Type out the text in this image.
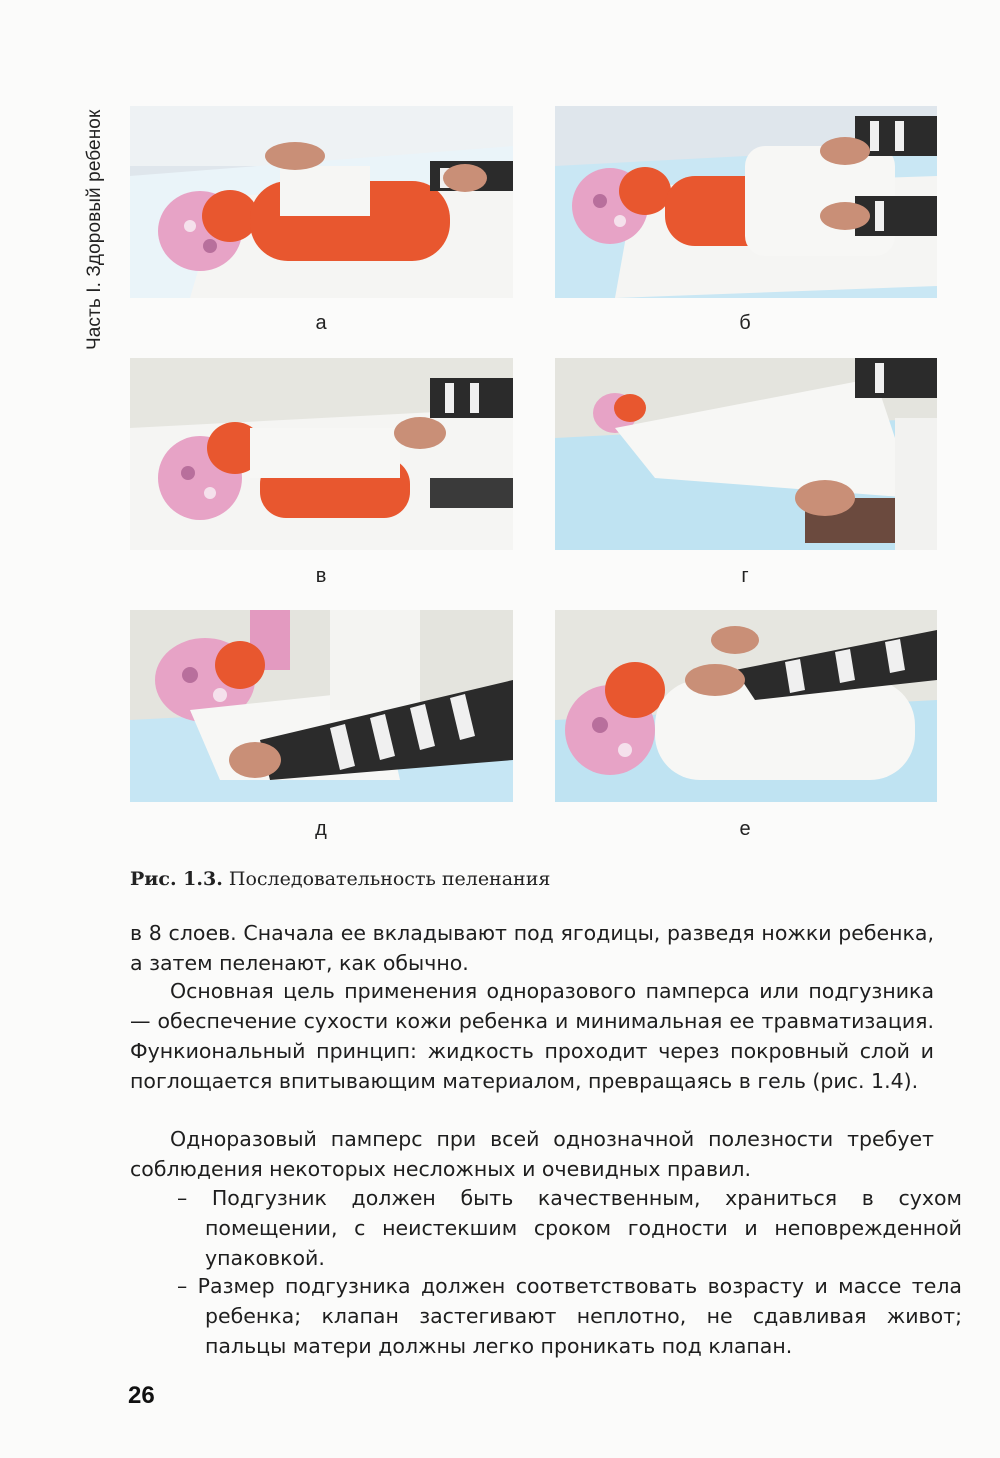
Часть I. Здоровый ребенок	а	б
в	г
д	е
Рис. 1.3. Последовательность пеленания

в 8 слоев. Сначала ее вкладывают под ягодицы, разведя ножки ребенка, а затем пеленают, как обычно.

Основная цель применения одноразового памперса или подгузника — обеспечение сухости кожи ребенка и минимальная ее травматизация. Функиональный принцип: жидкость проходит через покровный слой и поглощается впитывающим материалом, превращаясь в гель (рис. 1.4).

Одноразовый памперс при всей однозначной полезности требует соблюдения некоторых несложных и очевидных правил.

– Подгузник должен быть качественным, храниться в сухом помещении, с неистекшим сроком годности и неповрежденной упаковкой.

– Размер подгузника должен соответствовать возрасту и массе тела ребенка; клапан застегивают неплотно, не сдавливая живот; пальцы матери должны легко проникать под клапан.

26
